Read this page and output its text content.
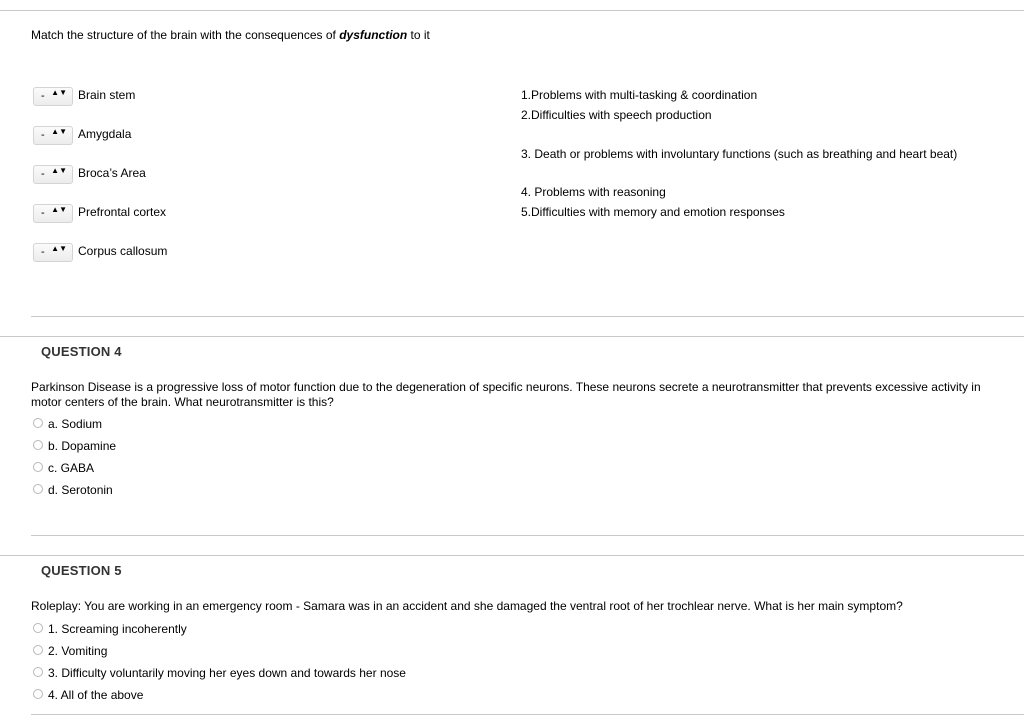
Match the structure of the brain with the consequences of dysfunction to it
- ▲▼ Brain stem
- ▲▼ Amygdala
- ▲▼ Broca’s Area
- ▲▼ Prefrontal cortex
- ▲▼ Corpus callosum
1.Problems with multi-tasking & coordination
2.Difficulties with speech production
3. Death or problems with involuntary functions (such as breathing and heart beat)
4. Problems with reasoning
5.Difficulties with memory and emotion responses
QUESTION 4
Parkinson Disease is a progressive loss of motor function due to the degeneration of specific neurons. These neurons secrete a neurotransmitter that prevents excessive activity in motor centers of the brain. What neurotransmitter is this?
a. Sodium
b. Dopamine
c. GABA
d. Serotonin
QUESTION 5
Roleplay: You are working in an emergency room - Samara was in an accident and she damaged the ventral root of her trochlear nerve. What is her main symptom?
1. Screaming incoherently
2. Vomiting
3. Difficulty voluntarily moving her eyes down and towards her nose
4. All of the above
